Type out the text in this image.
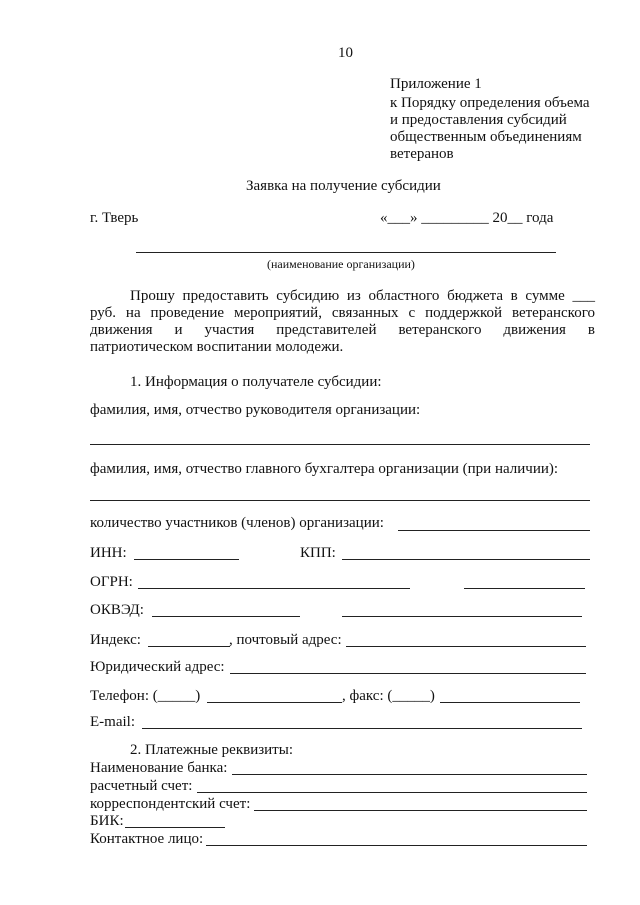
10
Приложение 1
к Порядку определения объема
и предоставления субсидий
общественным объединениям
ветеранов
Заявка на получение субсидии
г. Тверь	«___» _________ 20__ года
(наименование организации)
Прошу предоставить субсидию из областного бюджета в сумме ___
руб. на проведение мероприятий, связанных с поддержкой ветеранского
движения и участия представителей ветеранского движения в
патриотическом воспитании молодежи.
1. Информация о получателе субсидии:
фамилия, имя, отчество руководителя организации:
фамилия, имя, отчество главного бухгалтера организации (при наличии):
количество участников (членов) организации:
ИНН:	КПП:
ОГРН:
ОКВЭД:
Индекс:	, почтовый адрес:
Юридический адрес:
Телефон: (_____)	, факс: (_____)
E-mail:
2. Платежные реквизиты:
Наименование банка:
расчетный счет:
корреспондентский счет:
БИК:
Контактное лицо:
